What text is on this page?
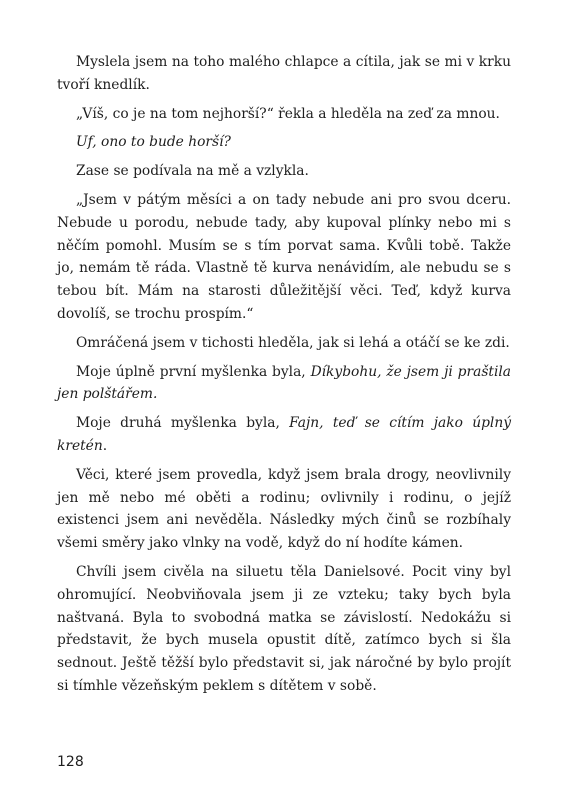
Myslela jsem na toho malého chlapce a cítila, jak se mi v krku tvoří knedlík.

„Víš, co je na tom nejhorší?“ řekla a hleděla na zeď za mnou.

Uf, ono to bude horší?

Zase se podívala na mě a vzlykla.

„Jsem v pátým měsíci a on tady nebude ani pro svou dceru. Nebude u porodu, nebude tady, aby kupoval plínky nebo mi s něčím pomohl. Musím se s tím porvat sama. Kvůli tobě. Takže jo, nemám tě ráda. Vlastně tě kurva nenávidím, ale nebudu se s tebou bít. Mám na starosti důležitější věci. Teď, když kurva dovolíš, se trochu prospím.“

Omráčená jsem v tichosti hleděla, jak si lehá a otáčí se ke zdi.

Moje úplně první myšlenka byla, Díkybohu, že jsem ji praštila jen polštářem.

Moje druhá myšlenka byla, Fajn, teď se cítím jako úplný kretén.

Věci, které jsem provedla, když jsem brala drogy, neovlivnily jen mě nebo mé oběti a rodinu; ovlivnily i rodinu, o jejíž existenci jsem ani nevěděla. Následky mých činů se rozbíhaly všemi směry jako vlnky na vodě, když do ní hodíte kámen.

Chvíli jsem civěla na siluetu těla Danielsové. Pocit viny byl ohromující. Neobviňovala jsem ji ze vzteku; taky bych byla naštvaná. Byla to svobodná matka se závislostí. Nedokážu si představit, že bych musela opustit dítě, zatímco bych si šla sednout. Ještě těžší bylo představit si, jak náročné by bylo projít si tímhle vězeňským peklem s dítětem v sobě.

128
